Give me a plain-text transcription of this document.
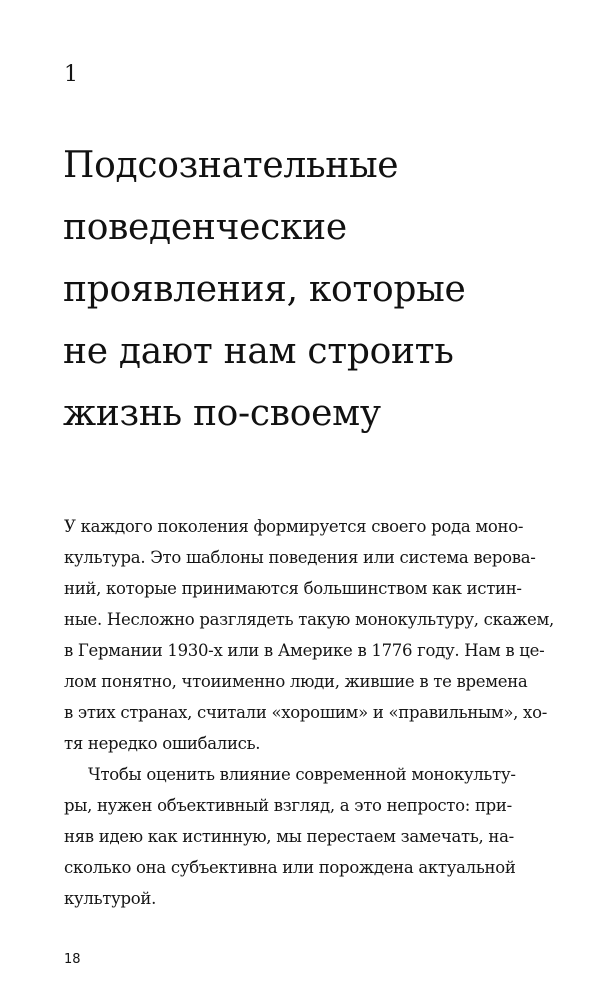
1
Подсознательные
поведенческие
проявления, которые
не дают нам строить
жизнь по-своему
У каждого поколения формируется своего рода моно-
культура. Это шаблоны поведения или система верова-
ний, которые принимаются большинством как истин-
ные. Несложно разглядеть такую монокультуру, скажем,
в Германии 1930-х или в Америке в 1776 году. Нам в це-
лом понятно, чтоиименно люди, жившие в те времена
в этих странах, считали «хорошим» и «правильным», хо-
тя нередко ошибались.
Чтобы оценить влияние современной монокульту-
ры, нужен объективный взгляд, а это непросто: при-
няв идею как истинную, мы перестаем замечать, на-
сколько она субъективна или порождена актуальной
культурой.
18
